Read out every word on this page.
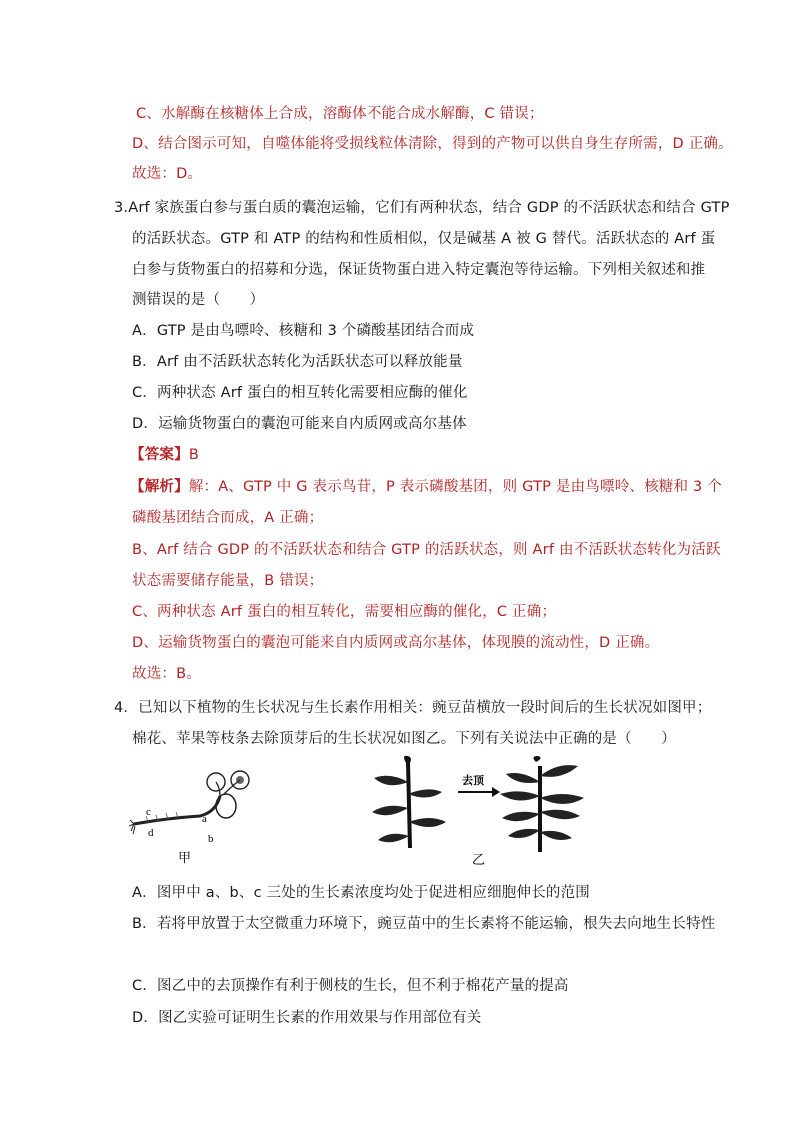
C、水解酶在核糖体上合成，溶酶体不能合成水解酶，C 错误；
D、结合图示可知，自噬体能将受损线粒体清除，得到的产物可以供自身生存所需，D 正确。
故选：D。
3.Arf 家族蛋白参与蛋白质的囊泡运输，它们有两种状态，结合 GDP 的不活跃状态和结合 GTP
的活跃状态。GTP 和 ATP 的结构和性质相似，仅是碱基 A 被 G 替代。活跃状态的 Arf 蛋
白参与货物蛋白的招募和分选，保证货物蛋白进入特定囊泡等待运输。下列相关叙述和推
测错误的是（　　）
A．GTP 是由鸟嘌呤、核糖和 3 个磷酸基团结合而成
B．Arf 由不活跃状态转化为活跃状态可以释放能量
C．两种状态 Arf 蛋白的相互转化需要相应酶的催化
D．运输货物蛋白的囊泡可能来自内质网或高尔基体
【答案】B
【解析】解：A、GTP 中 G 表示鸟苷，P 表示磷酸基团，则 GTP 是由鸟嘌呤、核糖和 3 个
磷酸基团结合而成，A 正确；
B、Arf 结合 GDP 的不活跃状态和结合 GTP 的活跃状态，则 Arf 由不活跃状态转化为活跃
状态需要储存能量，B 错误；
C、两种状态 Arf 蛋白的相互转化，需要相应酶的催化，C 正确；
D、运输货物蛋白的囊泡可能来自内质网或高尔基体，体现膜的流动性，D 正确。
故选：B。
4．已知以下植物的生长状况与生长素作用相关：豌豆苗横放一段时间后的生长状况如图甲；
棉花、苹果等枝条去除顶芽后的生长状况如图乙。下列有关说法中正确的是（　　）
c
a
d	b
甲
去顶
乙
A．图甲中 a、b、c 三处的生长素浓度均处于促进相应细胞伸长的范围
B．若将甲放置于太空微重力环境下，豌豆苗中的生长素将不能运输，根失去向地生长特性
C．图乙中的去顶操作有利于侧枝的生长，但不利于棉花产量的提高
D．图乙实验可证明生长素的作用效果与作用部位有关
